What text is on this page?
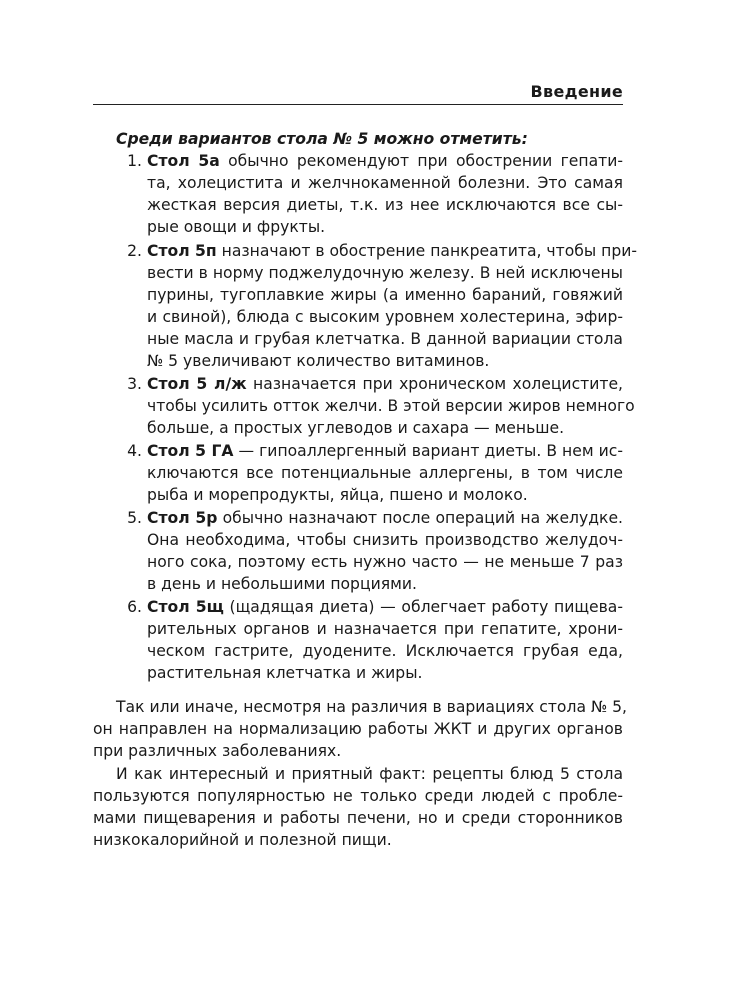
Введение
Среди вариантов стола № 5 можно отметить:
1. Стол 5а обычно рекомендуют при обострении гепати-
та, холецистита и желчнокаменной болезни. Это самая
жесткая версия диеты, т.к. из нее исключаются все сы-
рые овощи и фрукты.
2. Стол 5п назначают в обострение панкреатита, чтобы при-
вести в норму поджелудочную железу. В ней исключены
пурины, тугоплавкие жиры (а именно бараний, говяжий
и свиной), блюда с высоким уровнем холестерина, эфир-
ные масла и грубая клетчатка. В данной вариации стола
№ 5 увеличивают количество витаминов.
3. Стол 5 л/ж назначается при хроническом холецистите,
чтобы усилить отток желчи. В этой версии жиров немного
больше, а простых углеводов и сахара — меньше.
4. Стол 5 ГА — гипоаллергенный вариант диеты. В нем ис-
ключаются все потенциальные аллергены, в том числе
рыба и морепродукты, яйца, пшено и молоко.
5. Стол 5р обычно назначают после операций на желудке.
Она необходима, чтобы снизить производство желудоч-
ного сока, поэтому есть нужно часто — не меньше 7 раз
в день и небольшими порциями.
6. Стол 5щ (щадящая диета) — облегчает работу пищева-
рительных органов и назначается при гепатите, хрони-
ческом гастрите, дуодените. Исключается грубая еда,
растительная клетчатка и жиры.
Так или иначе, несмотря на различия в вариациях стола № 5,
он направлен на нормализацию работы ЖКТ и других органов
при различных заболеваниях.
И как интересный и приятный факт: рецепты блюд 5 стола
пользуются популярностью не только среди людей с пробле-
мами пищеварения и работы печени, но и среди сторонников
низкокалорийной и полезной пищи.
